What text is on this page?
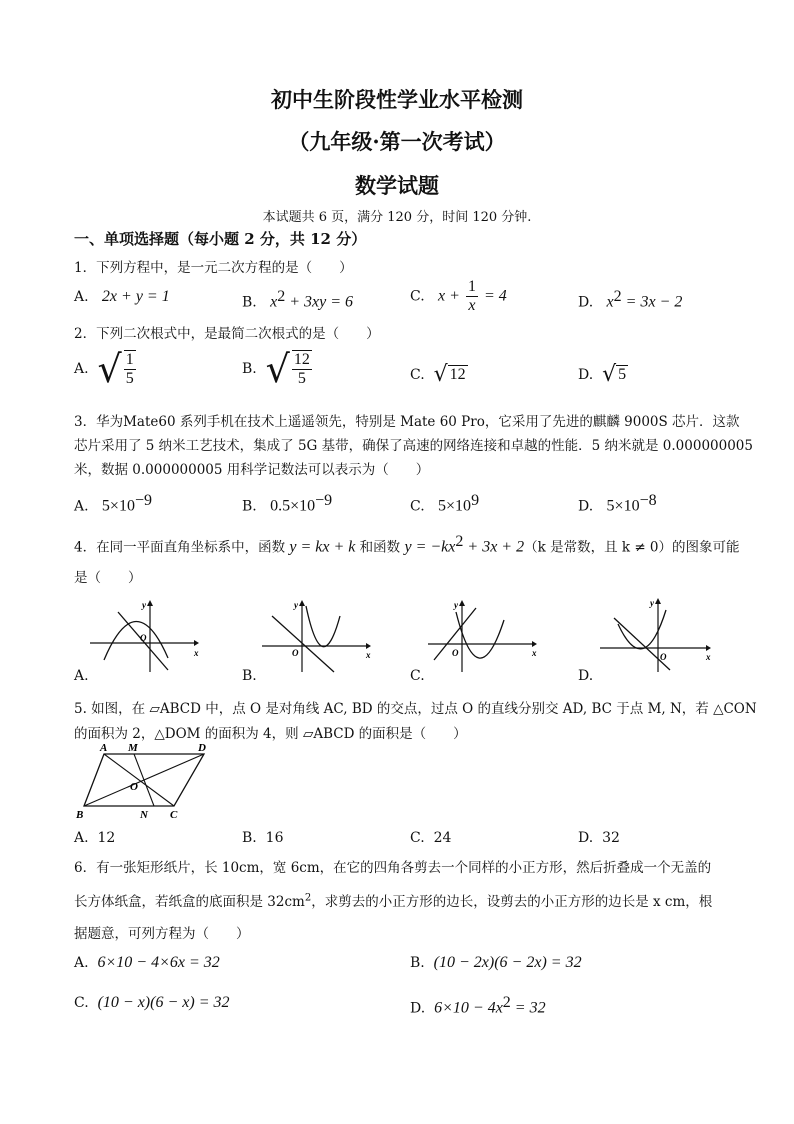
初中生阶段性学业水平检测
（九年级·第一次考试）
数学试题
本试题共 6 页，满分 120 分，时间 120 分钟.
一、单项选择题（每小题 2 分，共 12 分）
1．下列方程中，是一元二次方程的是（　　）
A. 2x + y = 1	B. $x^2 + 3xy = 6$	C. $x + \frac{1}{x} = 4$	D. $x^2 = 3x - 2$
2．下列二次根式中，是最简二次根式的是（　　）
A.
√ $\frac{1}{5}$	B.
√ $\frac{12}{5}$	C.
√ 12	D.
√ 5
3．华为Mate60 系列手机在技术上遥遥领先，特别是 Mate 60 Pro，它采用了先进的麒麟 9000S 芯片．这款
芯片采用了 5 纳米工艺技术，集成了 5G 基带，确保了高速的网络连接和卓越的性能．5 纳米就是 0.000000005
米，数据 0.000000005 用科学记数法可以表示为（　　）
A. $5\times 10^{-9}$	B. $0.5\times 10^{-9}$	C. $5\times 10^9$	D. $5\times 10^{-8}$
4．在同一平面直角坐标系中，函数 y = kx + k 和函数 $y = -kx^2 + 3x + 2(k$ 是常数，且 k ≠ 0）的图象可能
是（　　）
x
y
O
A.
x
y
O
B.
x
y
O
C.
x
y
O
D.
5. 如图，在 ▱ABCD 中，点 O 是对角线 AC, BD 的交点，过点 O 的直线分别交 AD, BC 于点 M, N，若 △CON
的面积为 2，△DOM 的面积为 4，则 ▱ABCD 的面积是（　　）
A M	D
O
B	N C
A. 12	B. 16	C. 24	D. 32
6．有一张矩形纸片，长 10cm，宽 6cm，在它的四角各剪去一个同样的小正方形，然后折叠成一个无盖的
长方体纸盒，若纸盒的底面积是 $32cm^2$，求剪去的小正方形的边长，设剪去的小正方形的边长是 x cm，根
据题意，可列方程为（　　）
A. 6×10 − 4×6x = 32	B. (10 − 2x)(6 − 2x) = 32
C. (10 − x)(6 − x) = 32	D. $6\times 10 - 4x^2 = 32$
